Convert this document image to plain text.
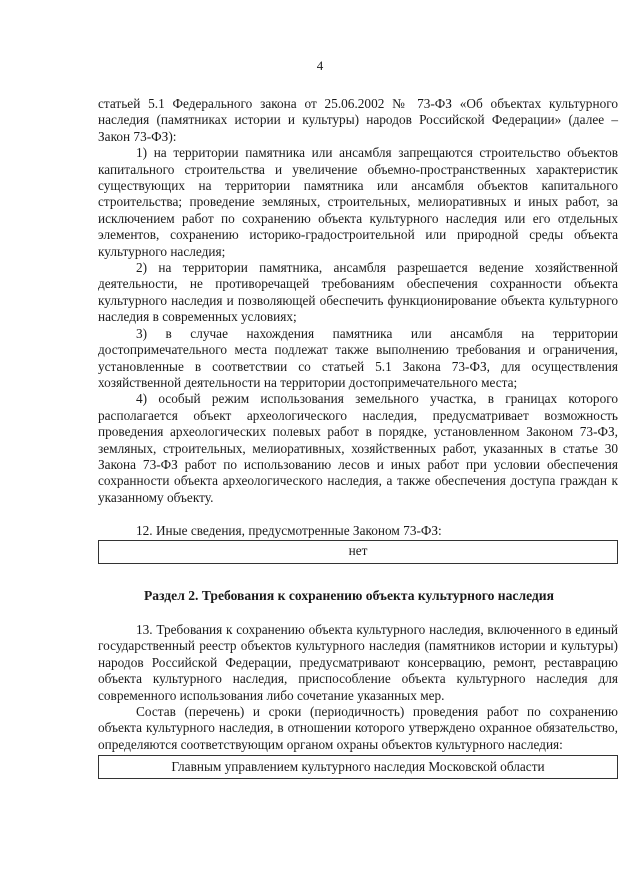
4

статьей 5.1 Федерального закона от 25.06.2002 № 73-ФЗ «Об объектах культурного наследия (памятниках истории и культуры) народов Российской Федерации» (далее – Закон 73-ФЗ):

1) на территории памятника или ансамбля запрещаются строительство объектов капитального строительства и увеличение объемно-пространственных характеристик существующих на территории памятника или ансамбля объектов капитального строительства; проведение земляных, строительных, мелиоративных и иных работ, за исключением работ по сохранению объекта культурного наследия или его отдельных элементов, сохранению историко-градостроительной или природной среды объекта культурного наследия;

2) на территории памятника, ансамбля разрешается ведение хозяйственной деятельности, не противоречащей требованиям обеспечения сохранности объекта культурного наследия и позволяющей обеспечить функционирование объекта культурного наследия в современных условиях;

3) в случае нахождения памятника или ансамбля на территории достопримечательного места подлежат также выполнению требования и ограничения, установленные в соответствии со статьей 5.1 Закона 73-ФЗ, для осуществления хозяйственной деятельности на территории достопримечательного места;

4) особый режим использования земельного участка, в границах которого располагается объект археологического наследия, предусматривает возможность проведения археологических полевых работ в порядке, установленном Законом 73-ФЗ, земляных, строительных, мелиоративных, хозяйственных работ, указанных в статье 30 Закона 73-ФЗ работ по использованию лесов и иных работ при условии обеспечения сохранности объекта археологического наследия, а также обеспечения доступа граждан к указанному объекту.

12. Иные сведения, предусмотренные Законом 73-ФЗ:

нет

Раздел 2. Требования к сохранению объекта культурного наследия

13. Требования к сохранению объекта культурного наследия, включенного в единый государственный реестр объектов культурного наследия (памятников истории и культуры) народов Российской Федерации, предусматривают консервацию, ремонт, реставрацию объекта культурного наследия, приспособление объекта культурного наследия для современного использования либо сочетание указанных мер.

Состав (перечень) и сроки (периодичность) проведения работ по сохранению объекта культурного наследия, в отношении которого утверждено охранное обязательство, определяются соответствующим органом охраны объектов культурного наследия:

Главным управлением культурного наследия Московской области
